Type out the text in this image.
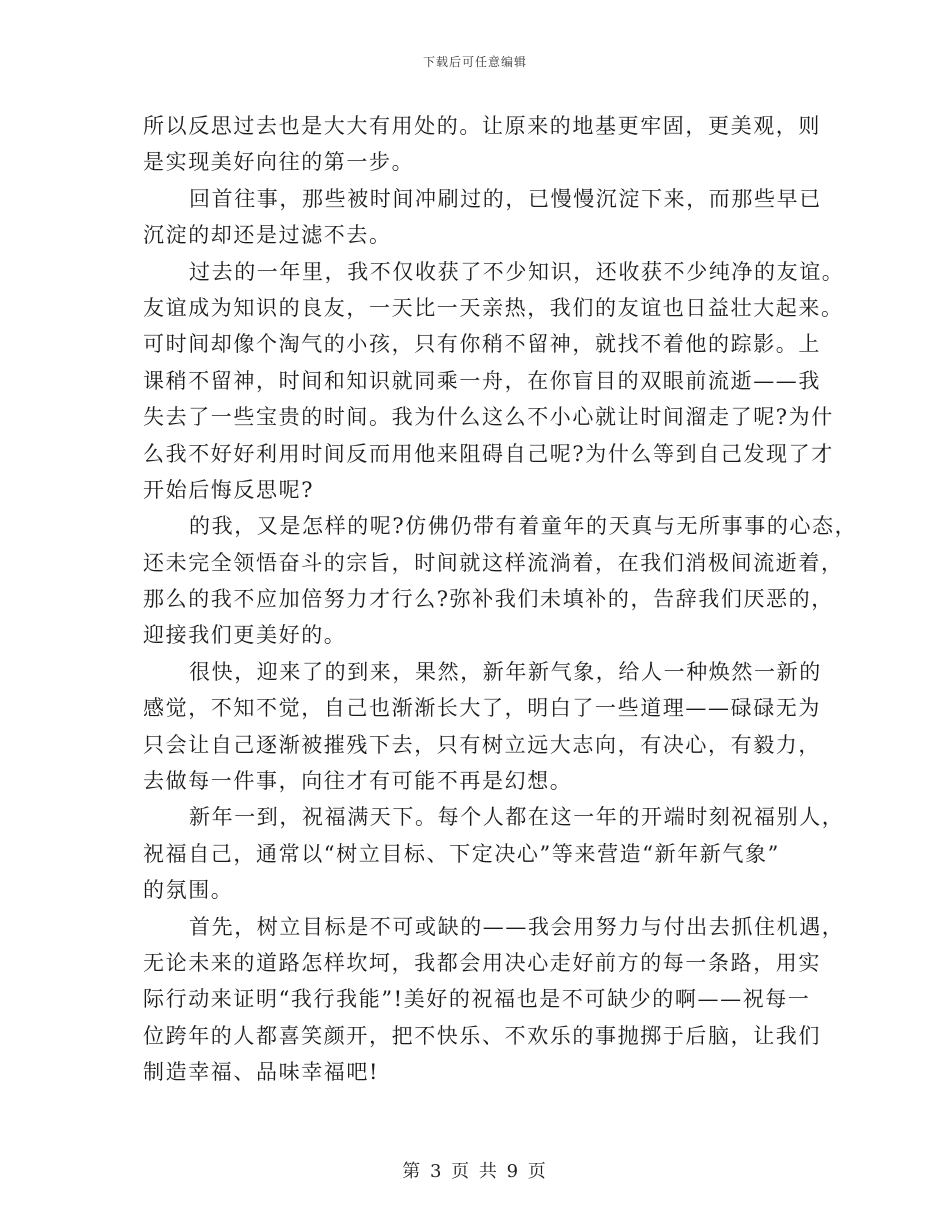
下载后可任意编辑
所以反思过去也是大大有用处的。让原来的地基更牢固，更美观，则
是实现美好向往的第一步。
回首往事，那些被时间冲刷过的，已慢慢沉淀下来，而那些早已
沉淀的却还是过滤不去。
过去的一年里，我不仅收获了不少知识，还收获不少纯净的友谊。
友谊成为知识的良友，一天比一天亲热，我们的友谊也日益壮大起来。
可时间却像个淘气的小孩，只有你稍不留神，就找不着他的踪影。上
课稍不留神，时间和知识就同乘一舟，在你盲目的双眼前流逝——我
失去了一些宝贵的时间。我为什么这么不小心就让时间溜走了呢?为什
么我不好好利用时间反而用他来阻碍自己呢?为什么等到自己发现了才
开始后悔反思呢?
的我，又是怎样的呢?仿佛仍带有着童年的天真与无所事事的心态，
还未完全领悟奋斗的宗旨，时间就这样流淌着，在我们消极间流逝着，
那么的我不应加倍努力才行么?弥补我们未填补的，告辞我们厌恶的，
迎接我们更美好的。
很快，迎来了的到来，果然，新年新气象，给人一种焕然一新的
感觉，不知不觉，自己也渐渐长大了，明白了一些道理——碌碌无为
只会让自己逐渐被摧残下去，只有树立远大志向，有决心，有毅力，
去做每一件事，向往才有可能不再是幻想。
新年一到，祝福满天下。每个人都在这一年的开端时刻祝福别人，
祝福自己，通常以“树立目标、下定决心”等来营造“新年新气象”
的氛围。
首先，树立目标是不可或缺的——我会用努力与付出去抓住机遇，
无论未来的道路怎样坎坷，我都会用决心走好前方的每一条路，用实
际行动来证明“我行我能”!美好的祝福也是不可缺少的啊——祝每一
位跨年的人都喜笑颜开，把不快乐、不欢乐的事抛掷于后脑，让我们
制造幸福、品味幸福吧!
第 3 页 共 9 页
